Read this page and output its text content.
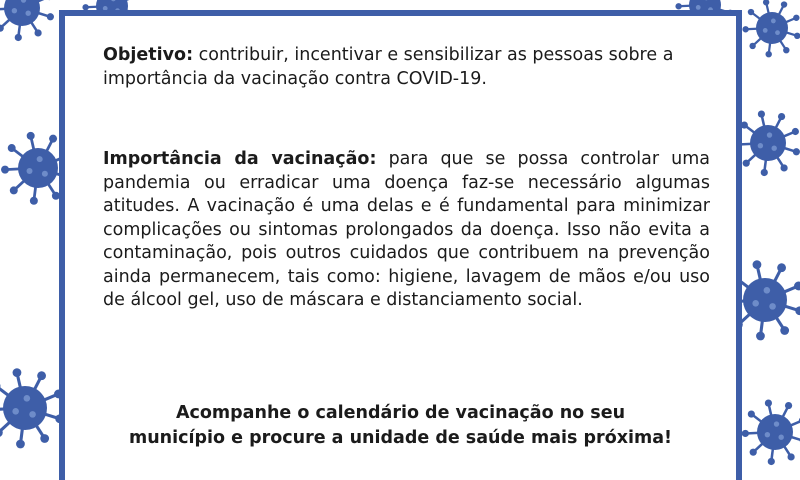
Objetivo: contribuir, incentivar e sensibilizar as pessoas sobre a importância da vacinação contra COVID-19.
Importância da vacinação: para que se possa controlar uma pandemia ou erradicar uma doença faz-se necessário algumas atitudes. A vacinação é uma delas e é fundamental para minimizar complicações ou sintomas prolongados da doença. Isso não evita a contaminação, pois outros cuidados que contribuem na prevenção ainda permanecem, tais como: higiene, lavagem de mãos e/ou uso de álcool gel, uso de máscara e distanciamento social.
Acompanhe o calendário de vacinação no seu
município e procure a unidade de saúde mais próxima!
